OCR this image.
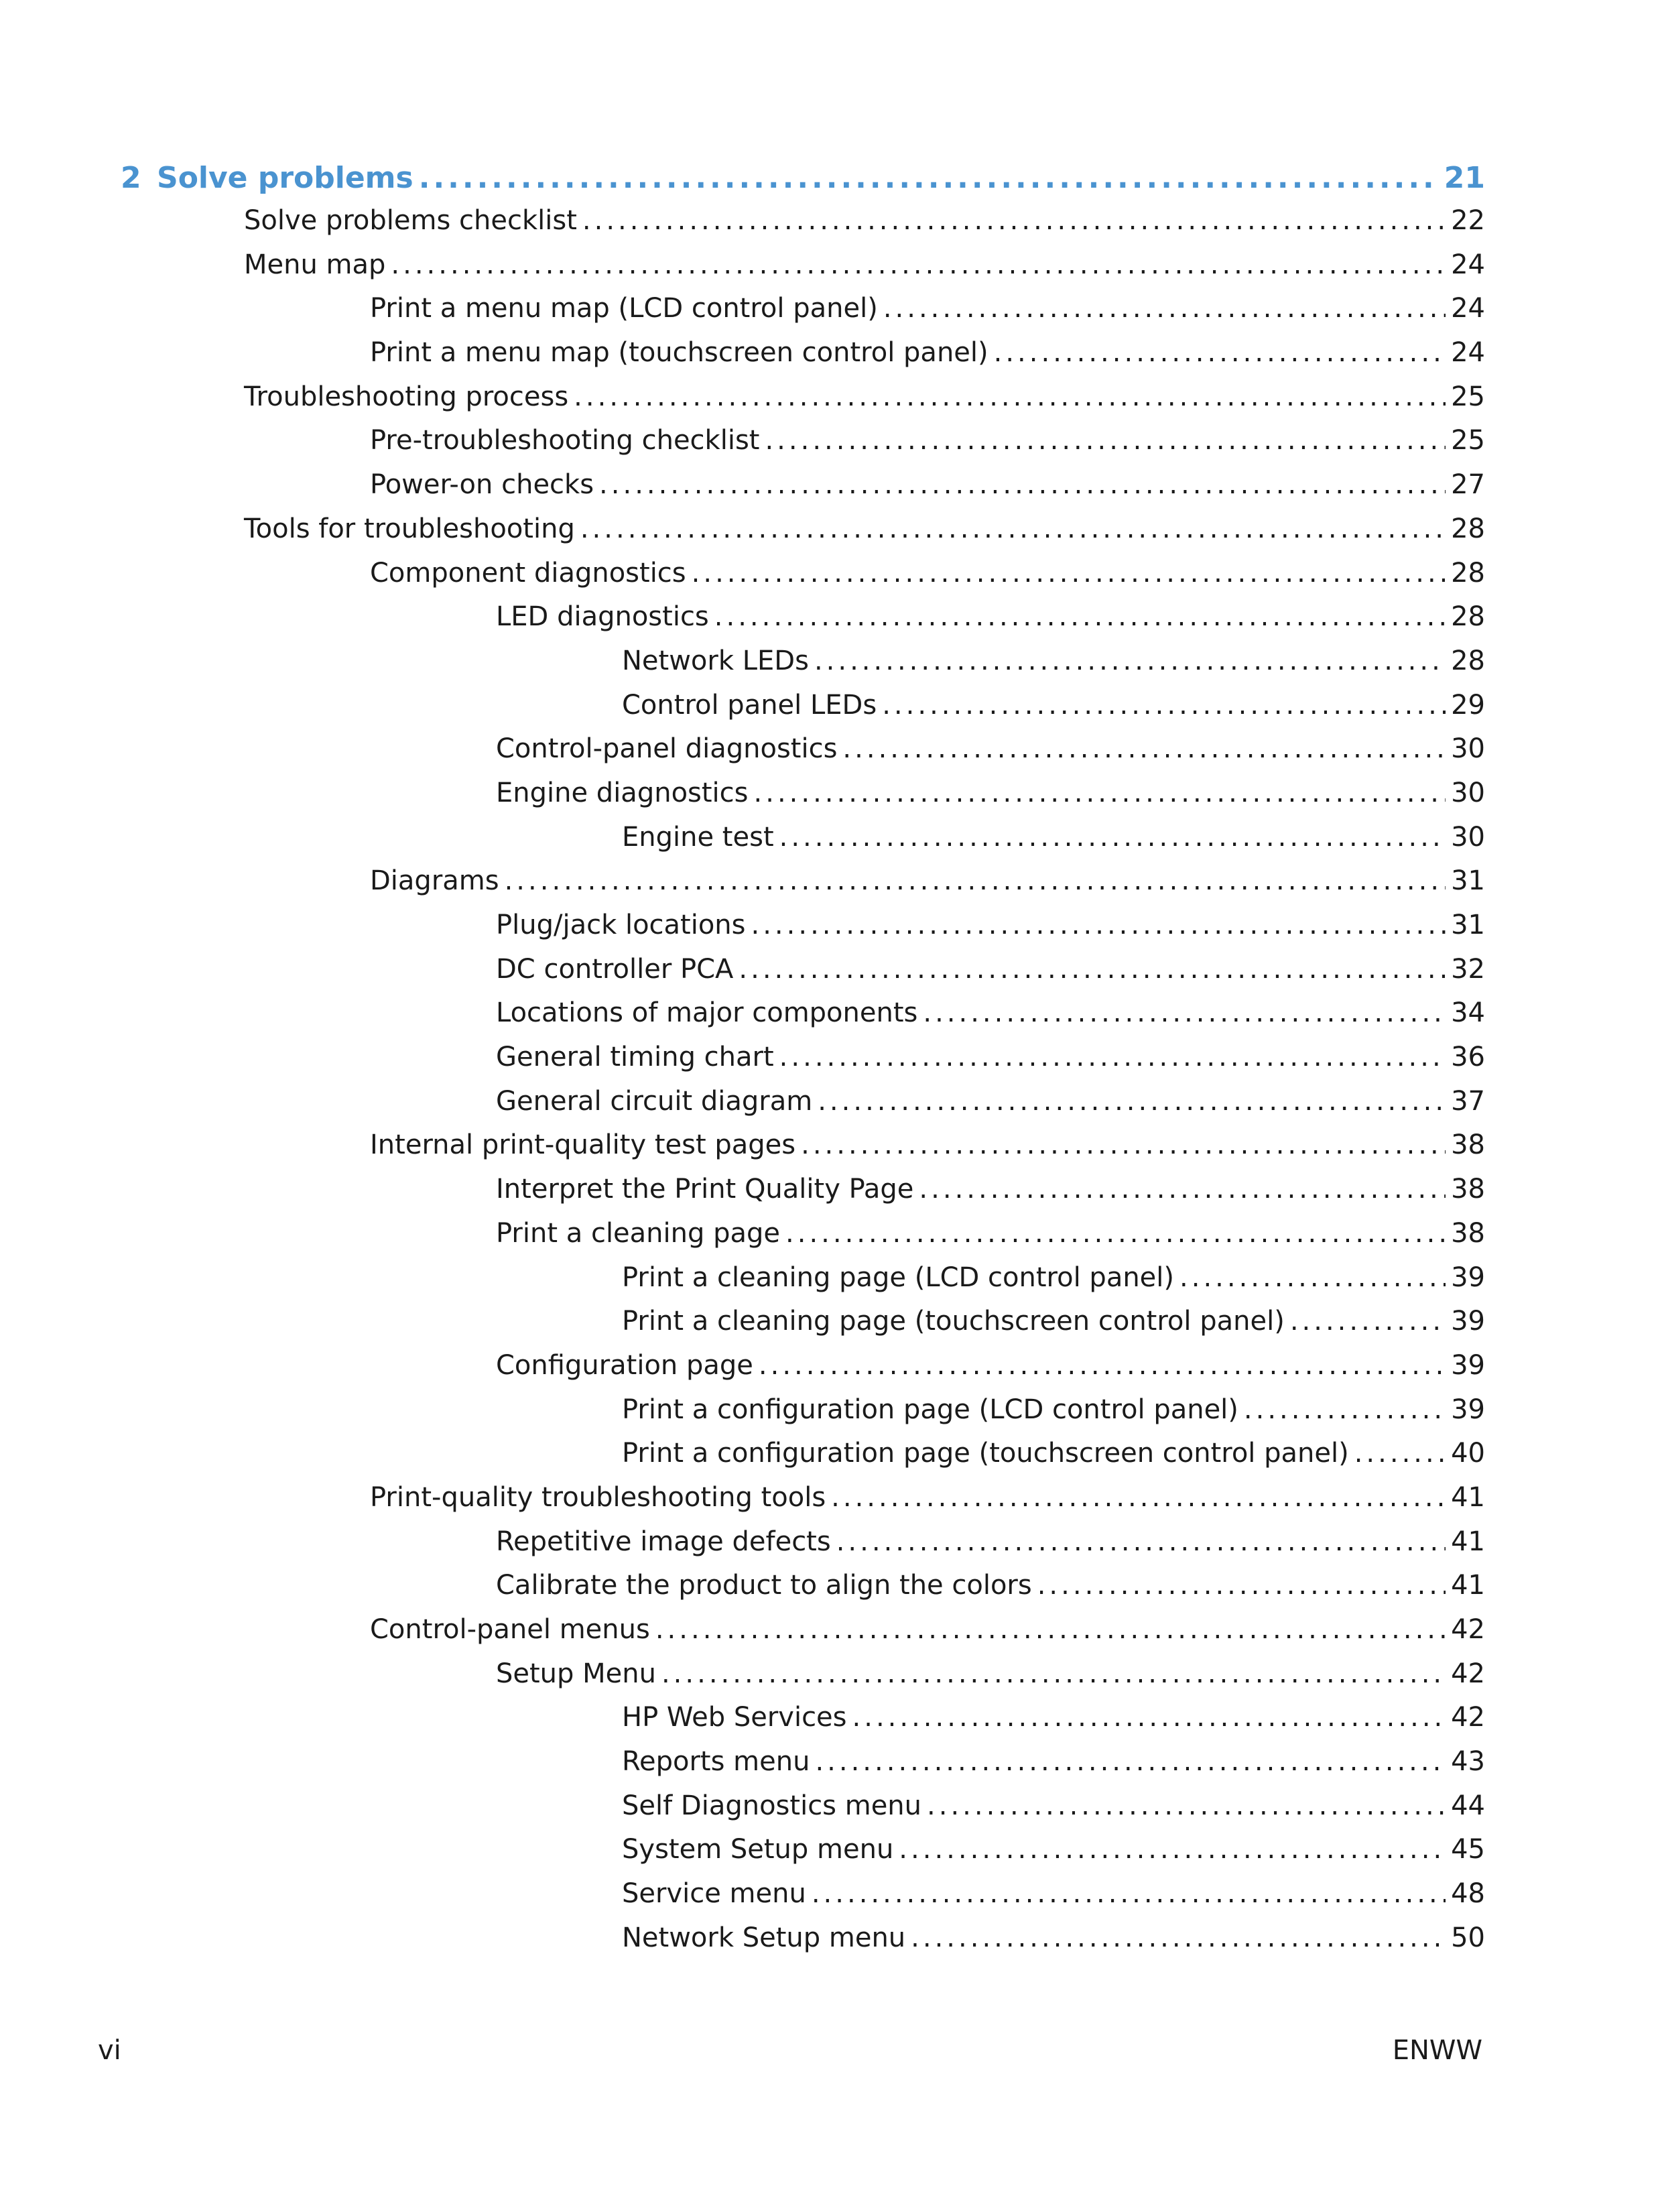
2 Solve problems .....	21
Solve problems checklist .....	22
Menu map .....	24
Print a menu map (LCD control panel) .....	24
Print a menu map (touchscreen control panel) .....	24
Troubleshooting process .....	25
Pre-troubleshooting checklist .....	25
Power-on checks .....	27
Tools for troubleshooting .....	28
Component diagnostics .....	28
LED diagnostics .....	28
Network LEDs .....	28
Control panel LEDs .....	29
Control-panel diagnostics .....	30
Engine diagnostics .....	30
Engine test .....	30
Diagrams .....	31
Plug/jack locations .....	31
DC controller PCA .....	32
Locations of major components .....	34
General timing chart .....	36
General circuit diagram .....	37
Internal print-quality test pages .....	38
Interpret the Print Quality Page .....	38
Print a cleaning page .....	38
Print a cleaning page (LCD control panel) .....	39
Print a cleaning page (touchscreen control panel) .....	39
Configuration page .....	39
Print a configuration page (LCD control panel) .....	39
Print a configuration page (touchscreen control panel) .....	40
Print-quality troubleshooting tools .....	41
Repetitive image defects .....	41
Calibrate the product to align the colors .....	41
Control-panel menus .....	42
Setup Menu .....	42
HP Web Services .....	42
Reports menu .....	43
Self Diagnostics menu .....	44
System Setup menu .....	45
Service menu .....	48
Network Setup menu .....	50
vi	ENWW
